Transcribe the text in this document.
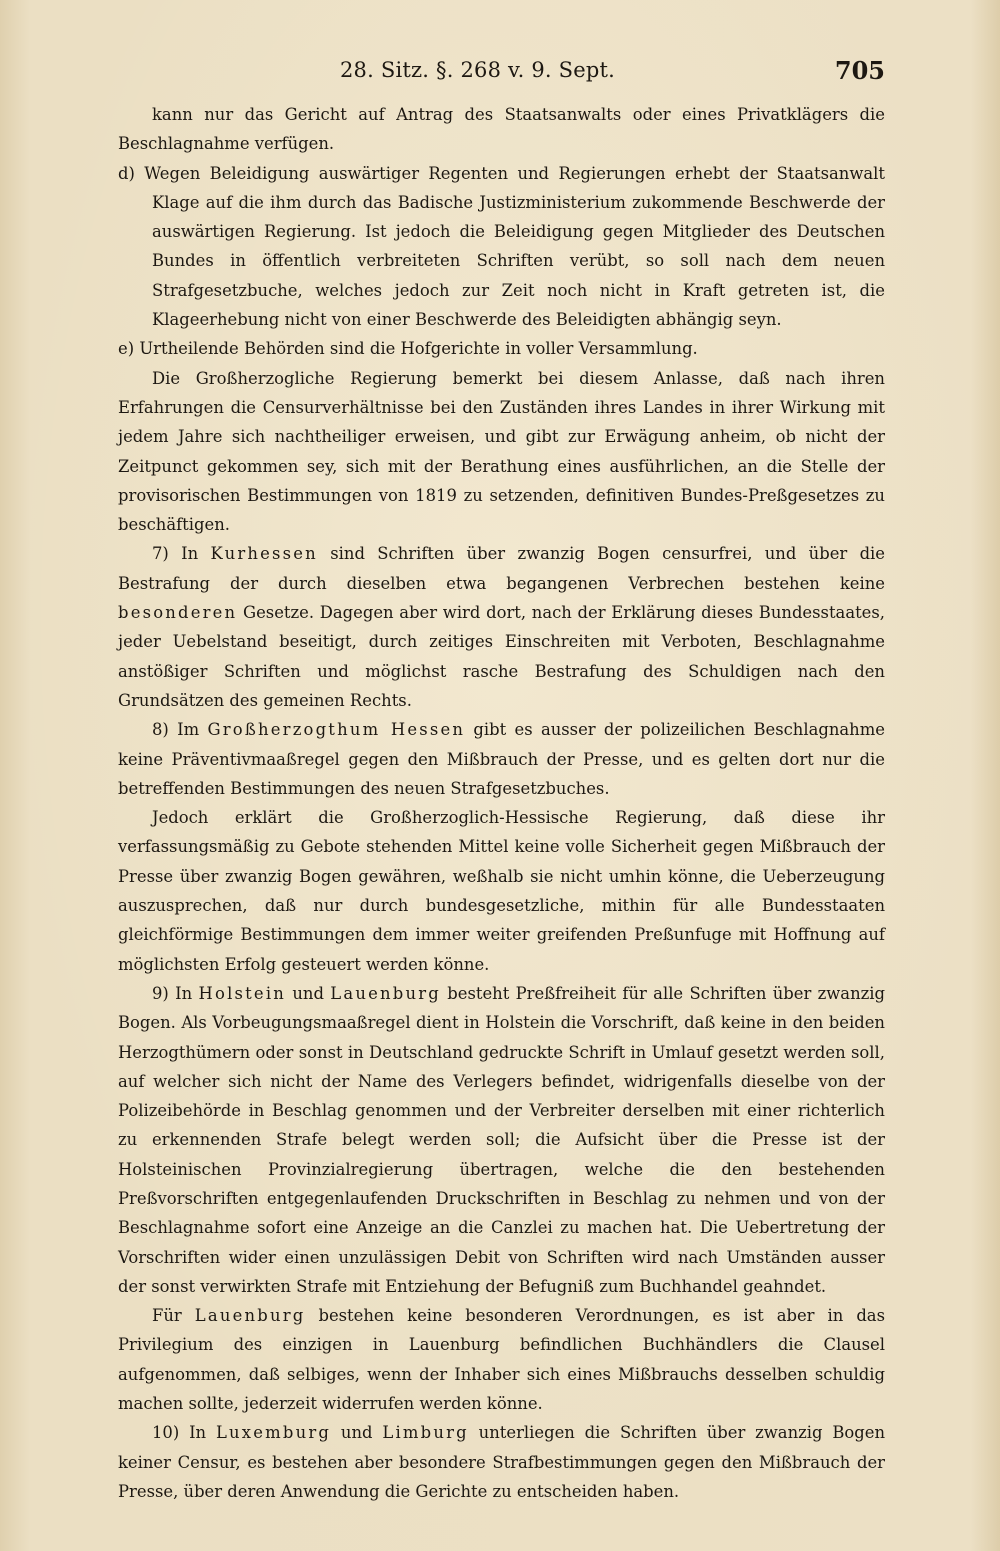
28. Sitz. §. 268 v. 9. Sept.	705

kann nur das Gericht auf Antrag des Staatsanwalts oder eines Privatklägers die Beschlagnahme verfügen.

d) Wegen Beleidigung auswärtiger Regenten und Regierungen erhebt der Staatsanwalt Klage auf die ihm durch das Badische Justizministerium zukommende Beschwerde der auswärtigen Regierung. Ist jedoch die Beleidigung gegen Mitglieder des Deutschen Bundes in öffentlich verbreiteten Schriften verübt, so soll nach dem neuen Strafgesetzbuche, welches jedoch zur Zeit noch nicht in Kraft getreten ist, die Klageerhebung nicht von einer Beschwerde des Beleidigten abhängig seyn.

e) Urtheilende Behörden sind die Hofgerichte in voller Versammlung.

Die Großherzogliche Regierung bemerkt bei diesem Anlasse, daß nach ihren Erfahrungen die Censurverhältnisse bei den Zuständen ihres Landes in ihrer Wirkung mit jedem Jahre sich nachtheiliger erweisen, und gibt zur Erwägung anheim, ob nicht der Zeitpunct gekommen sey, sich mit der Berathung eines ausführlichen, an die Stelle der provisorischen Bestimmungen von 1819 zu setzenden, definitiven Bundes-Preßgesetzes zu beschäftigen.

7) In Kurhessen sind Schriften über zwanzig Bogen censurfrei, und über die Bestrafung der durch dieselben etwa begangenen Verbrechen bestehen keine besonderen Gesetze. Dagegen aber wird dort, nach der Erklärung dieses Bundesstaates, jeder Uebelstand beseitigt, durch zeitiges Einschreiten mit Verboten, Beschlagnahme anstößiger Schriften und möglichst rasche Bestrafung des Schuldigen nach den Grundsätzen des gemeinen Rechts.

8) Im Großherzogthum Hessen gibt es ausser der polizeilichen Beschlagnahme keine Präventivmaaßregel gegen den Mißbrauch der Presse, und es gelten dort nur die betreffenden Bestimmungen des neuen Strafgesetzbuches.

Jedoch erklärt die Großherzoglich-Hessische Regierung, daß diese ihr verfassungsmäßig zu Gebote stehenden Mittel keine volle Sicherheit gegen Mißbrauch der Presse über zwanzig Bogen gewähren, weßhalb sie nicht umhin könne, die Ueberzeugung auszusprechen, daß nur durch bundesgesetzliche, mithin für alle Bundesstaaten gleichförmige Bestimmungen dem immer weiter greifenden Preßunfuge mit Hoffnung auf möglichsten Erfolg gesteuert werden könne.

9) In Holstein und Lauenburg besteht Preßfreiheit für alle Schriften über zwanzig Bogen. Als Vorbeugungsmaaßregel dient in Holstein die Vorschrift, daß keine in den beiden Herzogthümern oder sonst in Deutschland gedruckte Schrift in Umlauf gesetzt werden soll, auf welcher sich nicht der Name des Verlegers befindet, widrigenfalls dieselbe von der Polizeibehörde in Beschlag genommen und der Verbreiter derselben mit einer richterlich zu erkennenden Strafe belegt werden soll; die Aufsicht über die Presse ist der Holsteinischen Provinzialregierung übertragen, welche die den bestehenden Preßvorschriften entgegenlaufenden Druckschriften in Beschlag zu nehmen und von der Beschlagnahme sofort eine Anzeige an die Canzlei zu machen hat. Die Uebertretung der Vorschriften wider einen unzulässigen Debit von Schriften wird nach Umständen ausser der sonst verwirkten Strafe mit Entziehung der Befugniß zum Buchhandel geahndet.

Für Lauenburg bestehen keine besonderen Verordnungen, es ist aber in das Privilegium des einzigen in Lauenburg befindlichen Buchhändlers die Clausel aufgenommen, daß selbiges, wenn der Inhaber sich eines Mißbrauchs desselben schuldig machen sollte, jederzeit widerrufen werden könne.

10) In Luxemburg und Limburg unterliegen die Schriften über zwanzig Bogen keiner Censur, es bestehen aber besondere Strafbestimmungen gegen den Mißbrauch der Presse, über deren Anwendung die Gerichte zu entscheiden haben.
